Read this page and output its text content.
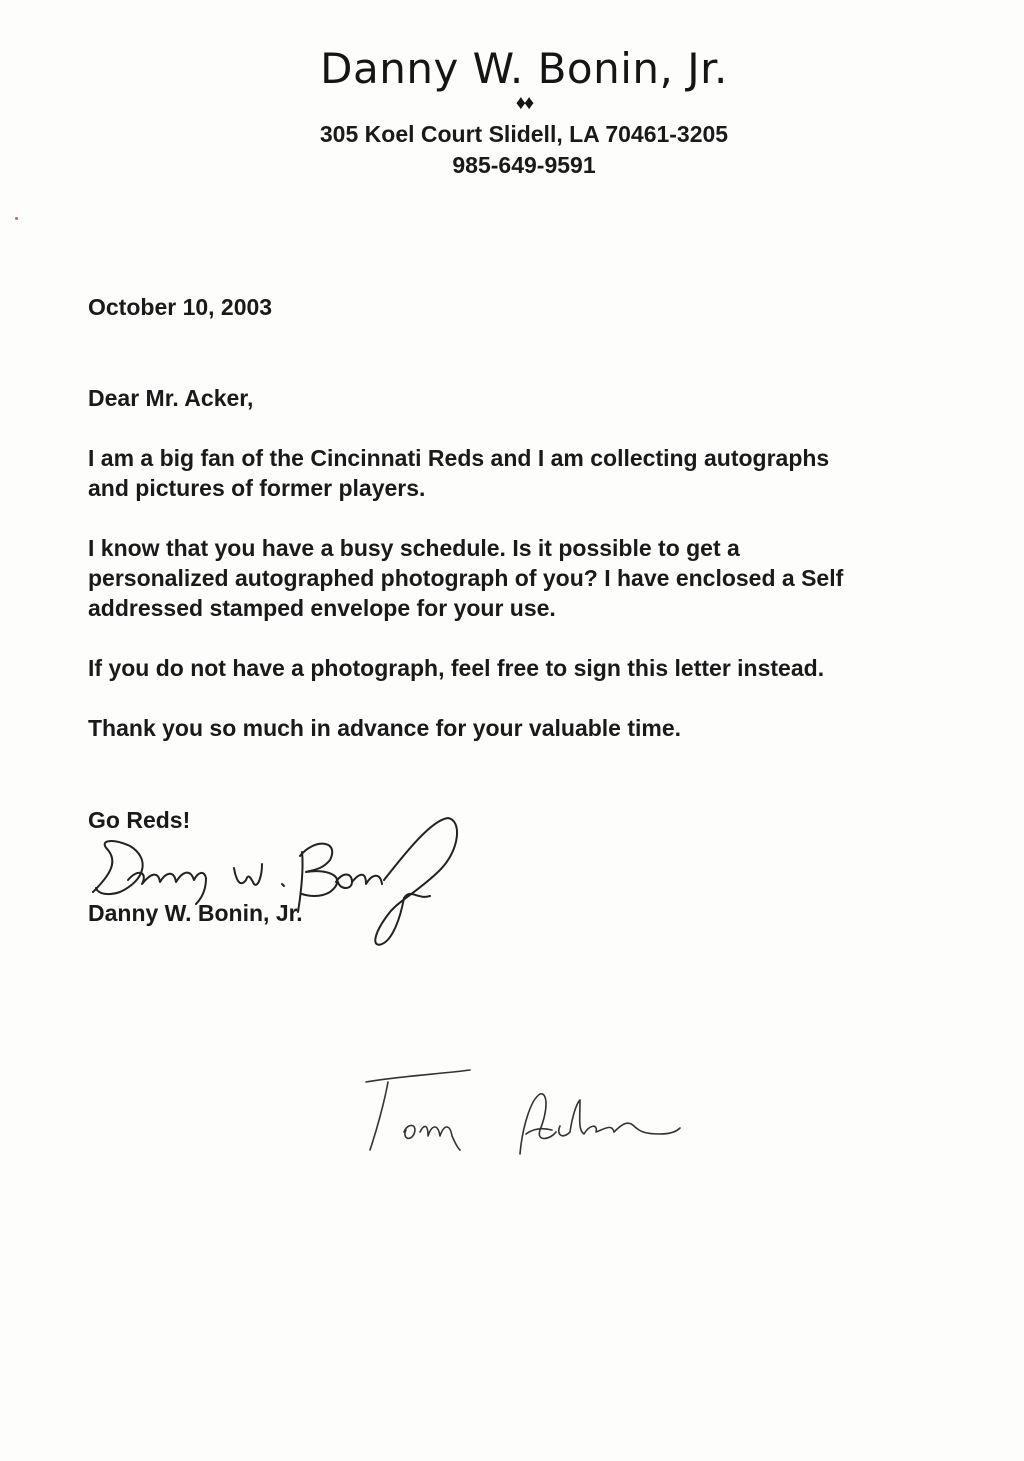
Danny W. Bonin, Jr.
♦♦
305 Koel Court Slidell, LA 70461-3205
985-649-9591
October 10, 2003
Dear Mr. Acker,
I am a big fan of the Cincinnati Reds and I am collecting autographs
and pictures of former players.
I know that you have a busy schedule. Is it possible to get a
personalized autographed photograph of you? I have enclosed a Self
addressed stamped envelope for your use.
If you do not have a photograph, feel free to sign this letter instead.
Thank you so much in advance for your valuable time.
Go Reds!
Danny W. Bonin, Jr.
